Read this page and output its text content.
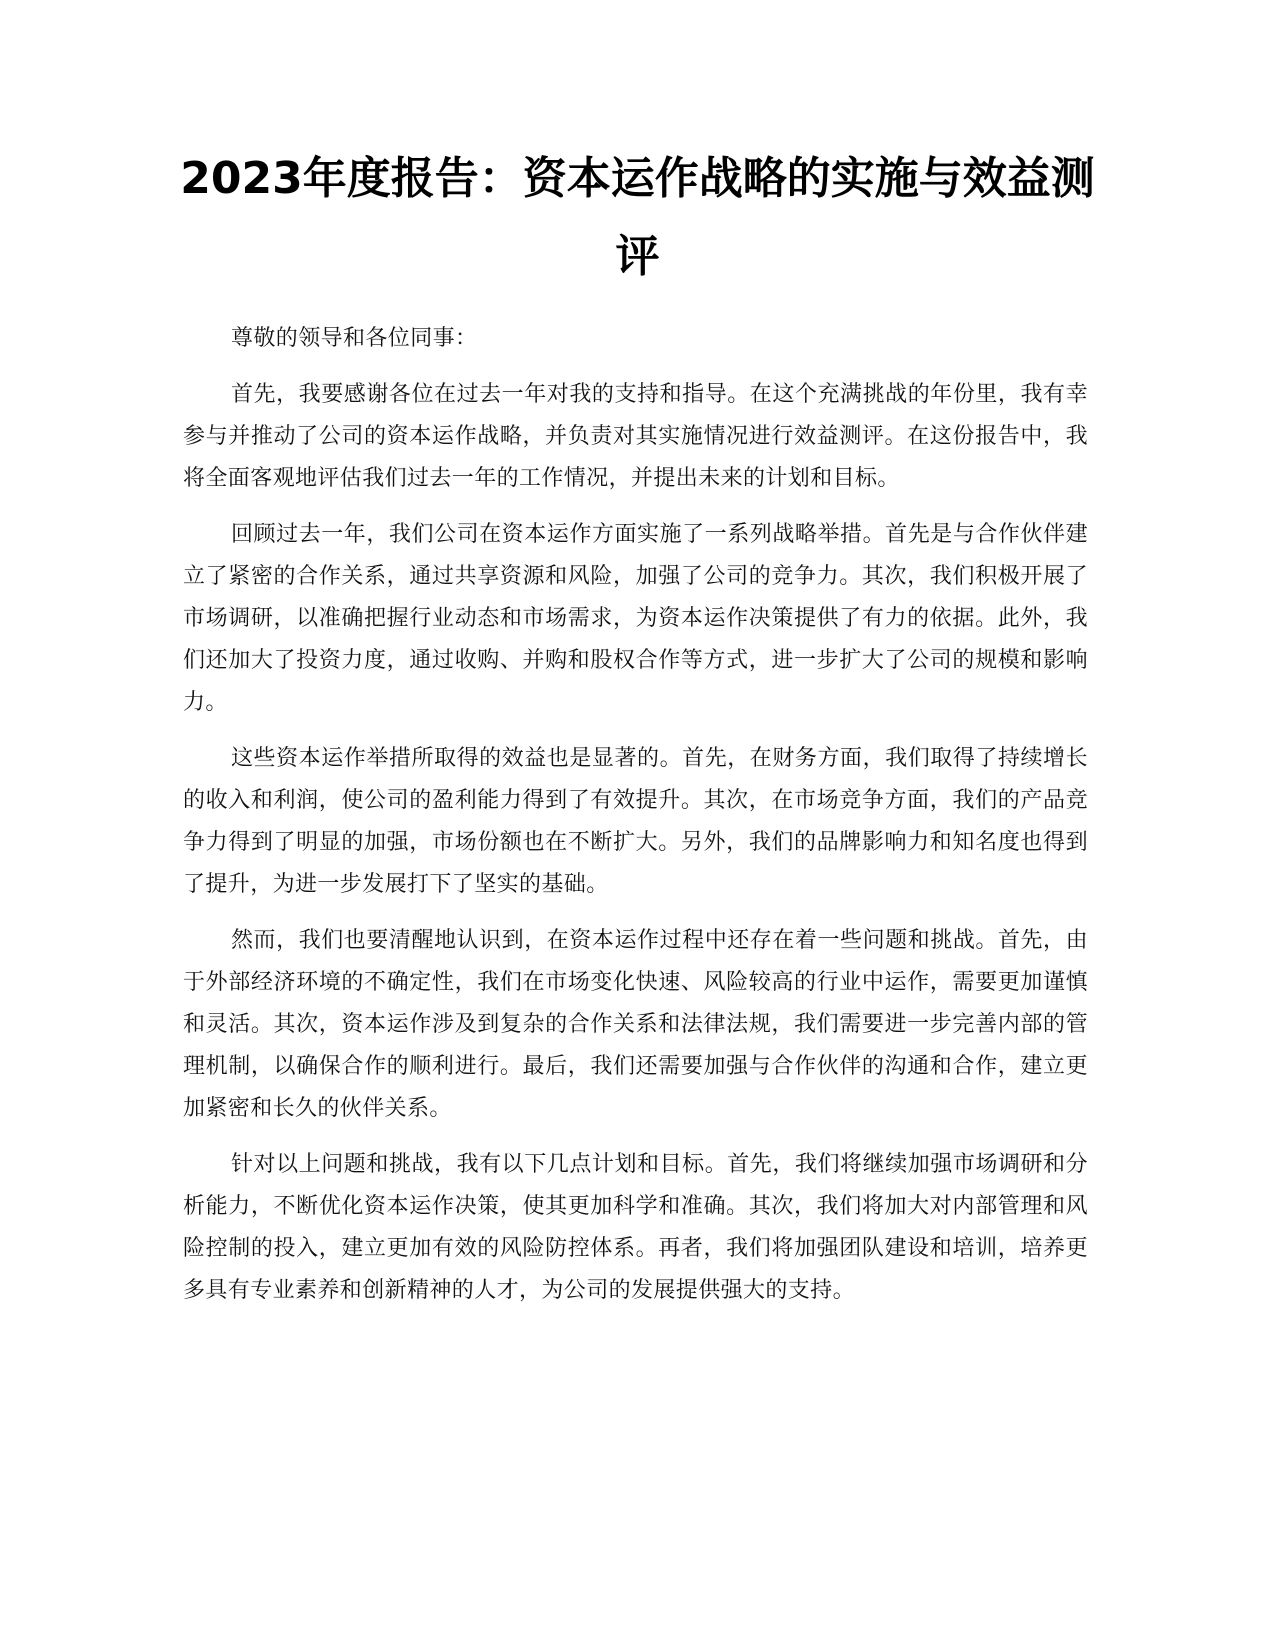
2023年度报告：资本运作战略的实施与效益测评

尊敬的领导和各位同事：

首先，我要感谢各位在过去一年对我的支持和指导。在这个充满挑战的年份里，我有幸参与并推动了公司的资本运作战略，并负责对其实施情况进行效益测评。在这份报告中，我将全面客观地评估我们过去一年的工作情况，并提出未来的计划和目标。

回顾过去一年，我们公司在资本运作方面实施了一系列战略举措。首先是与合作伙伴建立了紧密的合作关系，通过共享资源和风险，加强了公司的竞争力。其次，我们积极开展了市场调研，以准确把握行业动态和市场需求，为资本运作决策提供了有力的依据。此外，我们还加大了投资力度，通过收购、并购和股权合作等方式，进一步扩大了公司的规模和影响力。

这些资本运作举措所取得的效益也是显著的。首先，在财务方面，我们取得了持续增长的收入和利润，使公司的盈利能力得到了有效提升。其次，在市场竞争方面，我们的产品竞争力得到了明显的加强，市场份额也在不断扩大。另外，我们的品牌影响力和知名度也得到了提升，为进一步发展打下了坚实的基础。

然而，我们也要清醒地认识到，在资本运作过程中还存在着一些问题和挑战。首先，由于外部经济环境的不确定性，我们在市场变化快速、风险较高的行业中运作，需要更加谨慎和灵活。其次，资本运作涉及到复杂的合作关系和法律法规，我们需要进一步完善内部的管理机制，以确保合作的顺利进行。最后，我们还需要加强与合作伙伴的沟通和合作，建立更加紧密和长久的伙伴关系。

针对以上问题和挑战，我有以下几点计划和目标。首先，我们将继续加强市场调研和分析能力，不断优化资本运作决策，使其更加科学和准确。其次，我们将加大对内部管理和风险控制的投入，建立更加有效的风险防控体系。再者，我们将加强团队建设和培训，培养更多具有专业素养和创新精神的人才，为公司的发展提供强大的支持。
